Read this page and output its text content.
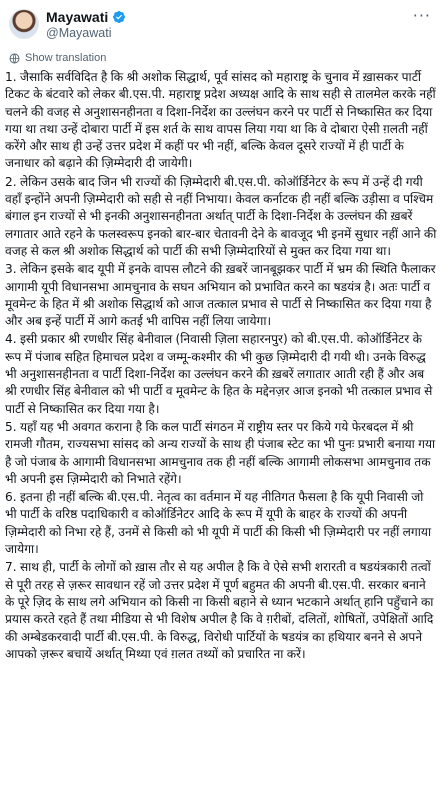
Mayawati
@Mayawati
···
Show translation

1. जैसाकि सर्वविदित है कि श्री अशोक सिद्धार्थ, पूर्व सांसद को महाराष्ट्र के चुनाव में ख़ासकर पार्टी टिकट के बंटवारे को लेकर बी.एस.पी. महाराष्ट्र प्रदेश अध्यक्ष आदि के साथ सही से तालमेल करके नहीं चलने की वजह से अनुशासनहीनता व दिशा-निर्देश का उल्लंघन करने पर पार्टी से निष्कासित कर दिया गया था तथा उन्हें दोबारा पार्टी में इस शर्त के साथ वापस लिया गया था कि वे दोबारा ऐसी ग़लती नहीं करेंगे और साथ ही उन्हें उत्तर प्रदेश में कहीं पर भी नहीं, बल्कि केवल दूसरे राज्यों में ही पार्टी के जनाधार को बढ़ाने की ज़िम्मेदारी दी जायेगी।

2. लेकिन उसके बाद जिन भी राज्यों की ज़िम्मेदारी बी.एस.पी. कोऑर्डिनेटर के रूप में उन्हें दी गयी वहाँ इन्होंने अपनी ज़िम्मेदारी को सही से नहीं निभाया। केवल कर्नाटक ही नहीं बल्कि उड़ीसा व पश्चिम बंगाल इन राज्यों से भी इनकी अनुशासनहीनता अर्थात् पार्टी के दिशा-निर्देश के उल्लंघन की ख़बरें लगातार आते रहने के फलस्वरूप इनको बार-बार चेतावनी देने के बावजूद भी इनमें सुधार नहीं आने की वजह से कल श्री अशोक सिद्धार्थ को पार्टी की सभी ज़िम्मेदारियों से मुक्त कर दिया गया था।

3. लेकिन इसके बाद यूपी में इनके वापस लौटने की ख़बरें जानबूझकर पार्टी में भ्रम की स्थिति फैलाकर आगामी यूपी विधानसभा आमचुनाव के सघन अभियान को प्रभावित करने का षडयंत्र है। अतः पार्टी व मूवमेन्ट के हित में श्री अशोक सिद्धार्थ को आज तत्काल प्रभाव से पार्टी से निष्कासित कर दिया गया है और अब इन्हें पार्टी में आगे कतई भी वापिस नहीं लिया जायेगा।

4. इसी प्रकार श्री रणधीर सिंह बेनीवाल (निवासी ज़िला सहारनपुर) को बी.एस.पी. कोऑर्डिनेटर के रूप में पंजाब सहित हिमाचल प्रदेश व जम्मू-कश्मीर की भी कुछ ज़िम्मेदारी दी गयी थी। उनके विरुद्ध भी अनुशासनहीनता व पार्टी दिशा-निर्देश का उल्लंघन करने की ख़बरें लगातार आती रही हैं और अब श्री रणधीर सिंह बेनीवाल को भी पार्टी व मूवमेन्ट के हित के मद्देनज़र आज इनको भी तत्काल प्रभाव से पार्टी से निष्कासित कर दिया गया है।

5. यहाँ यह भी अवगत कराना है कि कल पार्टी संगठन में राष्ट्रीय स्तर पर किये गये फेरबदल में श्री रामजी गौतम, राज्यसभा सांसद को अन्य राज्यों के साथ ही पंजाब स्टेट का भी पुनः प्रभारी बनाया गया है जो पंजाब के आगामी विधानसभा आमचुनाव तक ही नहीं बल्कि आगामी लोकसभा आमचुनाव तक भी अपनी इस ज़िम्मेदारी को निभाते रहेंगे।

6. इतना ही नहीं बल्कि बी.एस.पी. नेतृत्व का वर्तमान में यह नीतिगत फैसला है कि यूपी निवासी जो भी पार्टी के वरिष्ठ पदाधिकारी व कोऑर्डिनेटर आदि के रूप में यूपी के बाहर के राज्यों की अपनी ज़िम्मेदारी को निभा रहे हैं, उनमें से किसी को भी यूपी में पार्टी की किसी भी ज़िम्मेदारी पर नहीं लगाया जायेगा।

7. साथ ही, पार्टी के लोगों को ख़ास तौर से यह अपील है कि वे ऐसे सभी शरारती व षडयंत्रकारी तत्वों से पूरी तरह से ज़रूर सावधान रहें जो उत्तर प्रदेश में पूर्ण बहुमत की अपनी बी.एस.पी. सरकार बनाने के पूरे ज़िद के साथ लगे अभियान को किसी ना किसी बहाने से ध्यान भटकाने अर्थात् हानि पहुँचाने का प्रयास करते रहते हैं तथा मीडिया से भी विशेष अपील है कि वे ग़रीबों, दलितों, शोषितों, उपेक्षितों आदि की अम्बेडकरवादी पार्टी बी.एस.पी. के विरुद्ध, विरोधी पार्टियों के षडयंत्र का हथियार बनने से अपने आपको ज़रूर बचायें अर्थात् मिथ्या एवं ग़लत तथ्यों को प्रचारित ना करें।
